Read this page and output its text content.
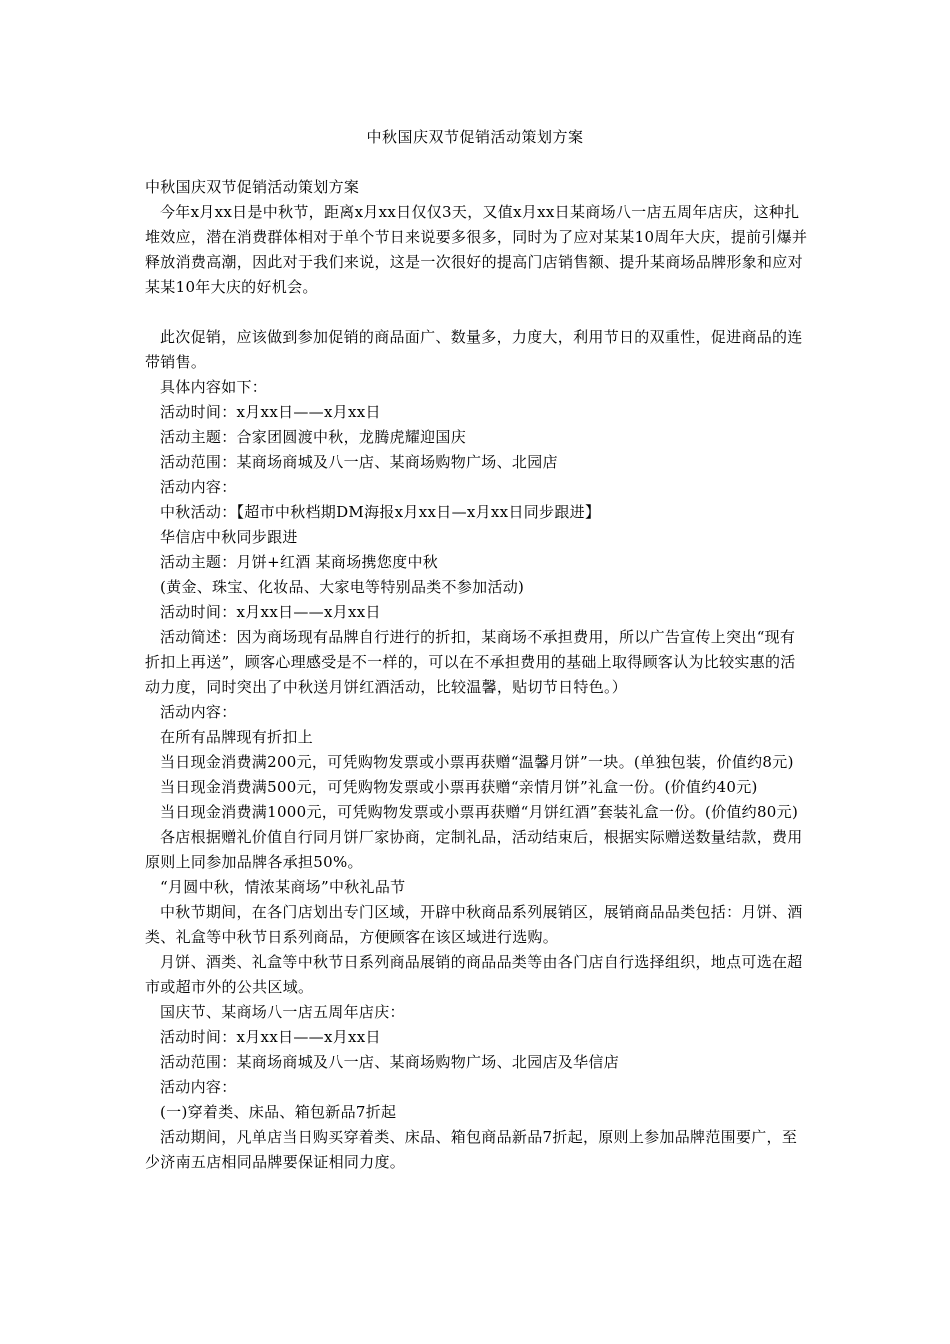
中秋国庆双节促销活动策划方案

中秋国庆双节促销活动策划方案

今年x月xx日是中秋节，距离x月xx日仅仅3天，又值x月xx日某商场八一店五周年店庆，这种扎堆效应，潜在消费群体相对于单个节日来说要多很多，同时为了应对某某10周年大庆，提前引爆并释放消费高潮，因此对于我们来说，这是一次很好的提高门店销售额、提升某商场品牌形象和应对某某10年大庆的好机会。

此次促销，应该做到参加促销的商品面广、数量多，力度大，利用节日的双重性，促进商品的连带销售。

具体内容如下：

活动时间：x月xx日——x月xx日

活动主题：合家团圆渡中秋，龙腾虎耀迎国庆

活动范围：某商场商城及八一店、某商场购物广场、北园店

活动内容：

中秋活动：【超市中秋档期DM海报x月xx日—x月xx日同步跟进】

华信店中秋同步跟进

活动主题：月饼+红酒 某商场携您度中秋

(黄金、珠宝、化妆品、大家电等特别品类不参加活动)

活动时间：x月xx日——x月xx日

活动简述：因为商场现有品牌自行进行的折扣，某商场不承担费用，所以广告宣传上突出“现有折扣上再送”，顾客心理感受是不一样的，可以在不承担费用的基础上取得顾客认为比较实惠的活动力度，同时突出了中秋送月饼红酒活动，比较温馨，贴切节日特色。）

活动内容：

在所有品牌现有折扣上

当日现金消费满200元，可凭购物发票或小票再获赠“温馨月饼”一块。(单独包装，价值约8元)

当日现金消费满500元，可凭购物发票或小票再获赠“亲情月饼”礼盒一份。(价值约40元)

当日现金消费满1000元，可凭购物发票或小票再获赠“月饼红酒”套装礼盒一份。(价值约80元)

各店根据赠礼价值自行同月饼厂家协商，定制礼品，活动结束后，根据实际赠送数量结款，费用原则上同参加品牌各承担50%。

“月圆中秋，情浓某商场”中秋礼品节

中秋节期间，在各门店划出专门区域，开辟中秋商品系列展销区，展销商品品类包括：月饼、酒类、礼盒等中秋节日系列商品，方便顾客在该区域进行选购。

月饼、酒类、礼盒等中秋节日系列商品展销的商品品类等由各门店自行选择组织，地点可选在超市或超市外的公共区域。

国庆节、某商场八一店五周年店庆：

活动时间：x月xx日——x月xx日

活动范围：某商场商城及八一店、某商场购物广场、北园店及华信店

活动内容：

(一)穿着类、床品、箱包新品7折起

活动期间，凡单店当日购买穿着类、床品、箱包商品新品7折起，原则上参加品牌范围要广，至少济南五店相同品牌要保证相同力度。
